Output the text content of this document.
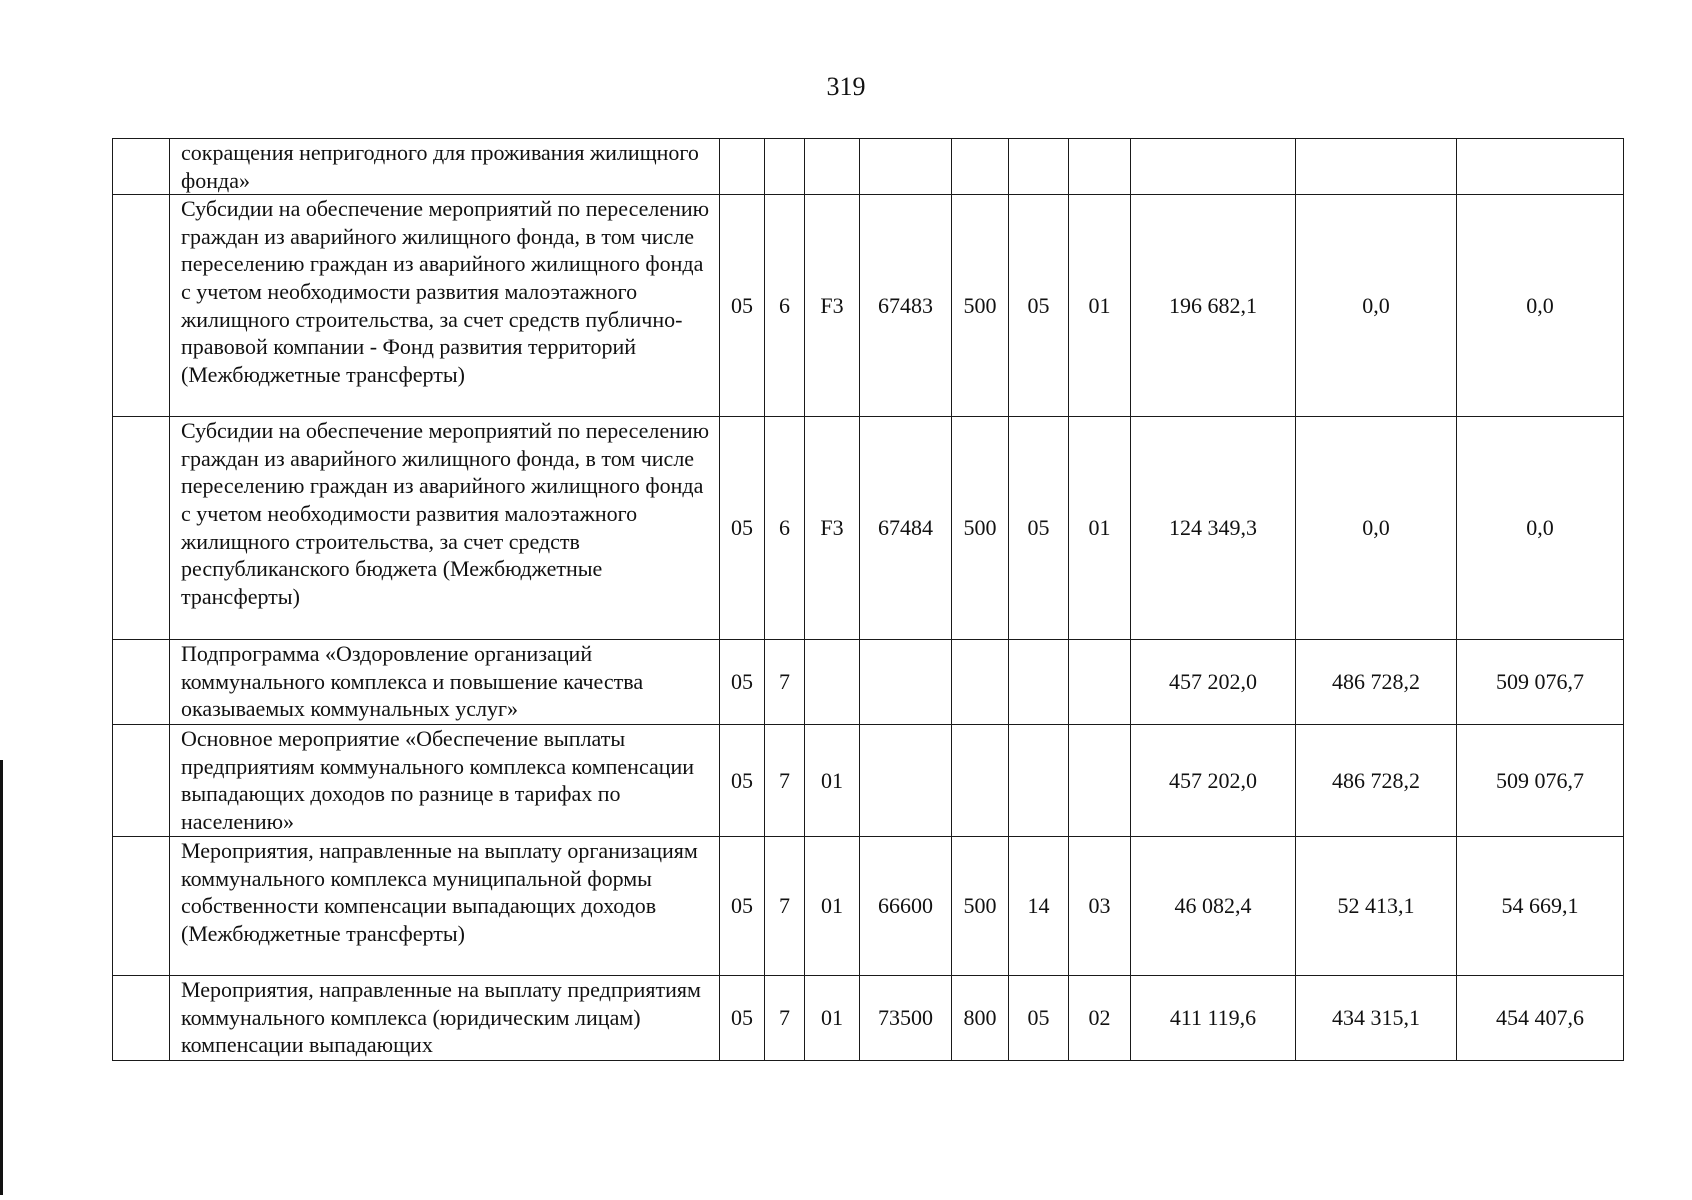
319
	сокращения непригодного для проживания жилищного фонда»										
	Субсидии на обеспечение мероприятий по переселению граждан из аварийного жилищного фонда, в том числе переселению граждан из аварийного жилищного фонда с учетом необходимости развития малоэтажного жилищного строительства, за счет средств публично-правовой компании - Фонд развития территорий (Межбюджетные трансферты)	05	6	F3	67483	500	05	01	196 682,1	0,0	0,0
	Субсидии на обеспечение мероприятий по переселению граждан из аварийного жилищного фонда, в том числе переселению граждан из аварийного жилищного фонда с учетом необходимости развития малоэтажного жилищного строительства, за счет средств республиканского бюджета (Межбюджетные трансферты)	05	6	F3	67484	500	05	01	124 349,3	0,0	0,0
	Подпрограмма «Оздоровление организаций коммунального комплекса и повышение качества оказываемых коммунальных услуг»	05	7						457 202,0	486 728,2	509 076,7
	Основное мероприятие «Обеспечение выплаты предприятиям коммунального комплекса компенсации выпадающих доходов по разнице в тарифах по населению»	05	7	01					457 202,0	486 728,2	509 076,7
	Мероприятия, направленные на выплату организациям коммунального комплекса муниципальной формы собственности компенсации выпадающих доходов (Межбюджетные трансферты)	05	7	01	66600	500	14	03	46 082,4	52 413,1	54 669,1
	Мероприятия, направленные на выплату предприятиям коммунального комплекса (юридическим лицам) компенсации выпадающих	05	7	01	73500	800	05	02	411 119,6	434 315,1	454 407,6
